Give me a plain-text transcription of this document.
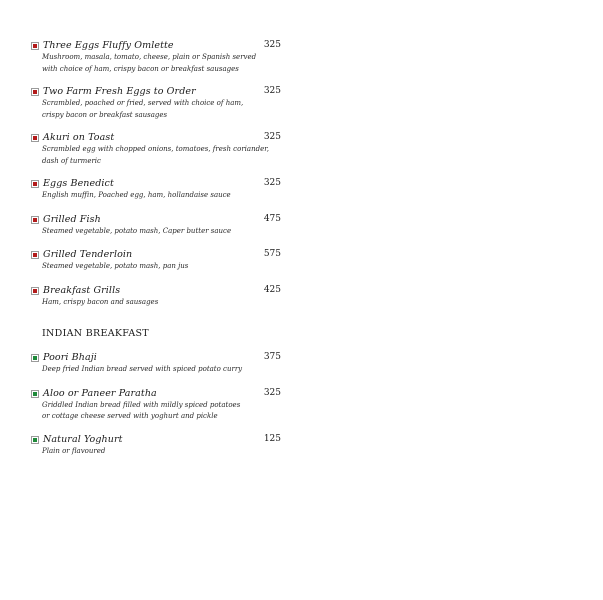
Three Eggs Fluffy Omlette	325
Mushroom, masala, tomato, cheese, plain or Spanish served
with choice of ham, crispy bacon or breakfast sausages
Two Farm Fresh Eggs to Order	325
Scrambled, poached or fried, served with choice of ham,
crispy bacon or breakfast sausages
Akuri on Toast	325
Scrambled egg with chopped onions, tomatoes, fresh coriander,
dash of turmeric
Eggs Benedict	325
English muffin, Poached egg, ham, hollandaise sauce
Grilled Fish	475
Steamed vegetable, potato mash, Caper butter sauce
Grilled Tenderloin	575
Steamed vegetable, potato mash, pan jus
Breakfast Grills	425
Ham, crispy bacon and sausages
INDIAN BREAKFAST
Poori Bhaji	375
Deep fried Indian bread served with spiced potato curry
Aloo or Paneer Paratha	325
Griddled Indian bread filled with mildly spiced potatoes
or cottage cheese served with yoghurt and pickle
Natural Yoghurt	125
Plain or flavoured
